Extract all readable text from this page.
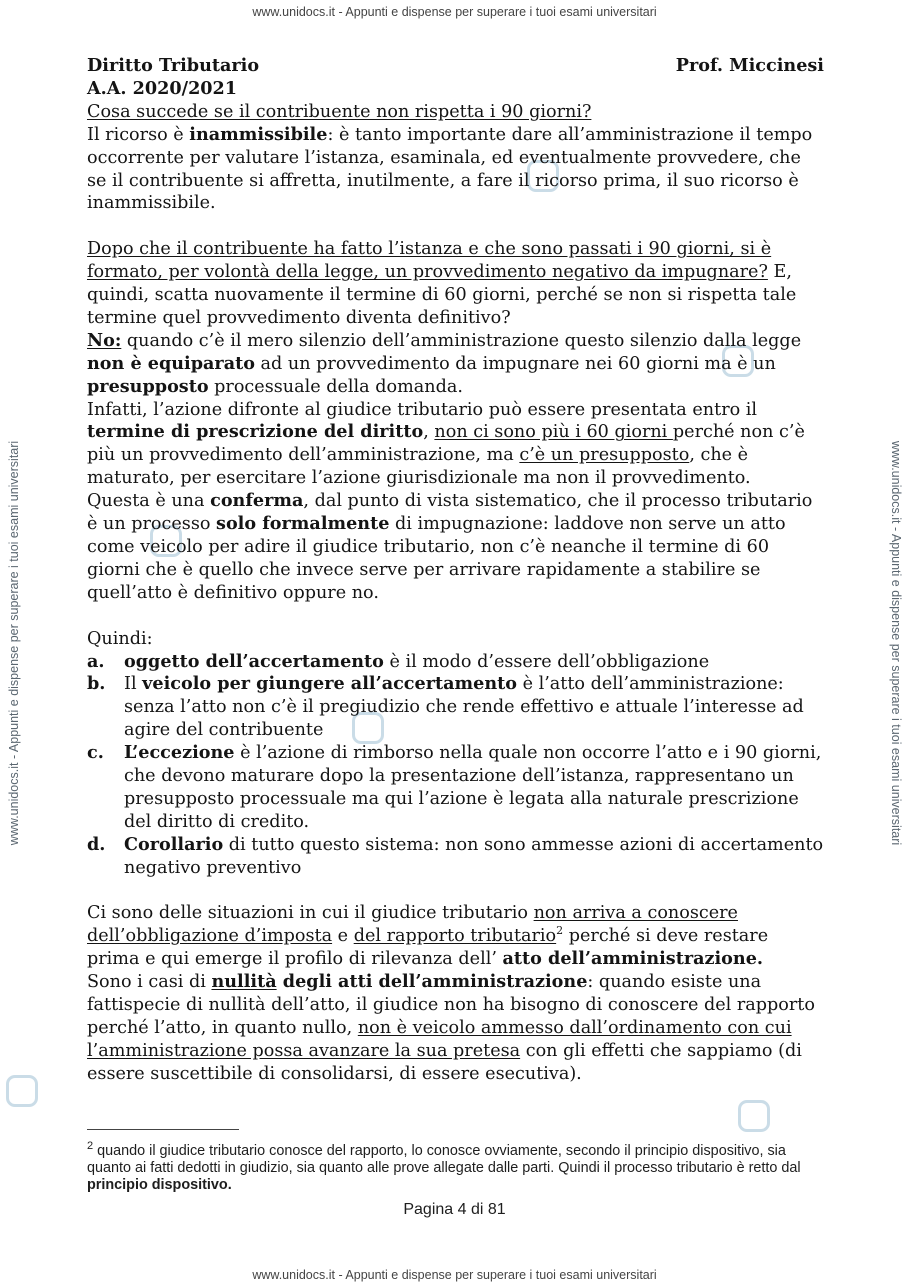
www.unidocs.it - Appunti e dispense per superare i tuoi esami universitari
www.unidocs.it - Appunti e dispense per superare i tuoi esami universitari
www.unidocs.it - Appunti e dispense per superare i tuoi esami universitari	www.unidocs.it - Appunti e dispense per superare i tuoi esami universitari
Diritto Tributario	Prof. Miccinesi
A.A. 2020/2021

Cosa succede se il contribuente non rispetta i 90 giorni?

Il ricorso è inammissibile: è tanto importante dare all’amministrazione il tempo occorrente per valutare l’istanza, esaminala, ed eventualmente provvedere, che se il contribuente si affretta, inutilmente, a fare il ricorso prima, il suo ricorso è inammissibile.

Dopo che il contribuente ha fatto l’istanza e che sono passati i 90 giorni, si è formato, per volontà della legge, un provvedimento negativo da impugnare? E, quindi, scatta nuovamente il termine di 60 giorni, perché se non si rispetta tale termine quel provvedimento diventa definitivo?

No: quando c’è il mero silenzio dell’amministrazione questo silenzio dalla legge non è equiparato ad un provvedimento da impugnare nei 60 giorni ma è un presupposto processuale della domanda.

Infatti, l’azione difronte al giudice tributario può essere presentata entro il termine di prescrizione del diritto, non ci sono più i 60 giorni perché non c’è più un provvedimento dell’amministrazione, ma c’è un presupposto, che è maturato, per esercitare l’azione giurisdizionale ma non il provvedimento.

Questa è una conferma, dal punto di vista sistematico, che il processo tributario è un processo solo formalmente di impugnazione: laddove non serve un atto come veicolo per adire il giudice tributario, non c’è neanche il termine di 60 giorni che è quello che invece serve per arrivare rapidamente a stabilire se quell’atto è definitivo oppure no.

Quindi:

a. oggetto dell’accertamento è il modo d’essere dell’obbligazione
b. Il veicolo per giungere all’accertamento è l’atto dell’amministrazione: senza l’atto non c’è il pregiudizio che rende effettivo e attuale l’interesse ad agire del contribuente
c. L’eccezione è l’azione di rimborso nella quale non occorre l’atto e i 90 giorni, che devono maturare dopo la presentazione dell’istanza, rappresentano un presupposto processuale ma qui l’azione è legata alla naturale prescrizione del diritto di credito.
d. Corollario di tutto questo sistema: non sono ammesse azioni di accertamento negativo preventivo

Ci sono delle situazioni in cui il giudice tributario non arriva a conoscere dell’obbligazione d’imposta e del rapporto tributario$^2$ perché si deve restare prima e qui emerge il profilo di rilevanza dell’ atto dell’amministrazione.

Sono i casi di nullità degli atti dell’amministrazione: quando esiste una fattispecie di nullità dell’atto, il giudice non ha bisogno di conoscere del rapporto perché l’atto, in quanto nullo, non è veicolo ammesso dall’ordinamento con cui l’amministrazione possa avanzare la sua pretesa con gli effetti che sappiamo (di essere suscettibile di consolidarsi, di essere esecutiva).

$^2$ quando il giudice tributario conosce del rapporto, lo conosce ovviamente, secondo il principio dispositivo, sia quanto ai fatti dedotti in giudizio, sia quanto alle prove allegate dalle parti. Quindi il processo tributario è retto dal principio dispositivo.
Pagina 4 di 81
